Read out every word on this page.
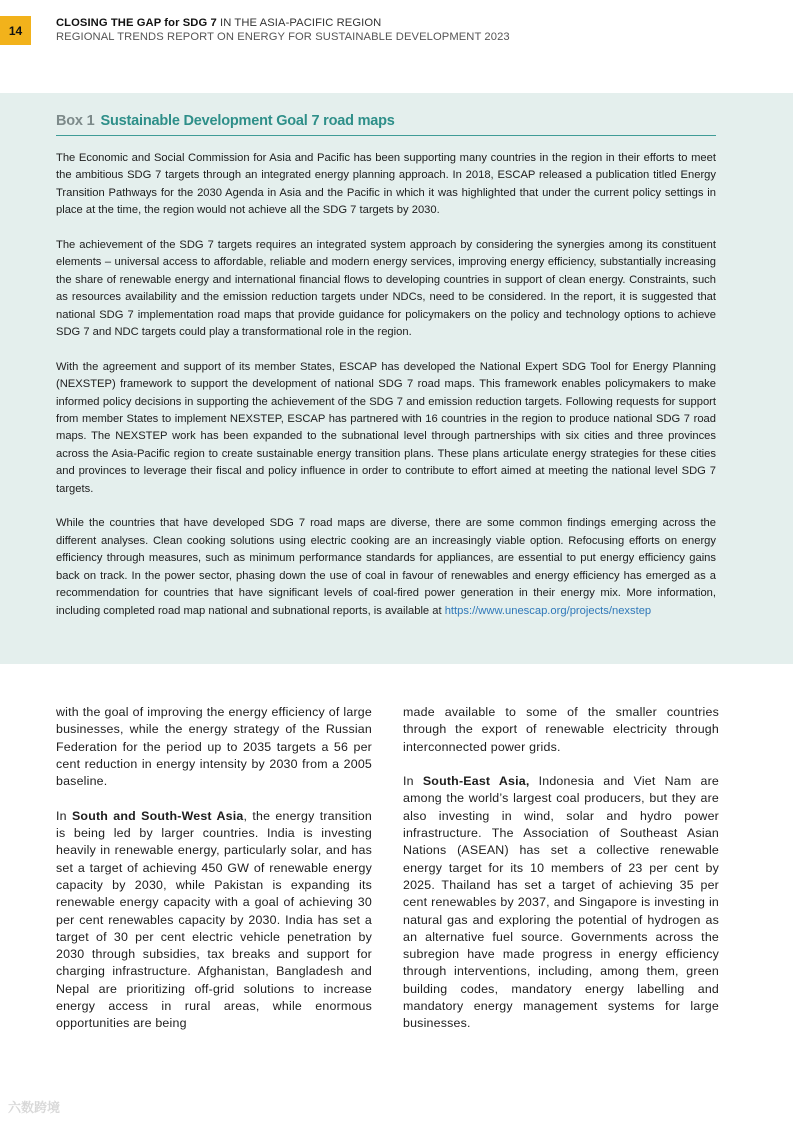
14
CLOSING THE GAP for SDG 7 IN THE ASIA-PACIFIC REGION
REGIONAL TRENDS REPORT ON ENERGY FOR SUSTAINABLE DEVELOPMENT 2023
Box 1 Sustainable Development Goal 7 road maps

The Economic and Social Commission for Asia and Pacific has been supporting many countries in the region in their efforts to meet the ambitious SDG 7 targets through an integrated energy planning approach. In 2018, ESCAP released a publication titled Energy Transition Pathways for the 2030 Agenda in Asia and the Pacific in which it was highlighted that under the current policy settings in place at the time, the region would not achieve all the SDG 7 targets by 2030.

The achievement of the SDG 7 targets requires an integrated system approach by considering the synergies among its constituent elements – universal access to affordable, reliable and modern energy services, improving energy efficiency, substantially increasing the share of renewable energy and international financial flows to developing countries in support of clean energy. Constraints, such as resources availability and the emission reduction targets under NDCs, need to be considered. In the report, it is suggested that national SDG 7 implementation road maps that provide guidance for policymakers on the policy and technology options to achieve SDG 7 and NDC targets could play a transformational role in the region.

With the agreement and support of its member States, ESCAP has developed the National Expert SDG Tool for Energy Planning (NEXSTEP) framework to support the development of national SDG 7 road maps. This framework enables policymakers to make informed policy decisions in supporting the achievement of the SDG 7 and emission reduction targets. Following requests for support from member States to implement NEXSTEP, ESCAP has partnered with 16 countries in the region to produce national SDG 7 road maps. The NEXSTEP work has been expanded to the subnational level through partnerships with six cities and three provinces across the Asia-Pacific region to create sustainable energy transition plans. These plans articulate energy strategies for these cities and provinces to leverage their fiscal and policy influence in order to contribute to effort aimed at meeting the national level SDG 7 targets.

While the countries that have developed SDG 7 road maps are diverse, there are some common findings emerging across the different analyses. Clean cooking solutions using electric cooking are an increasingly viable option. Refocusing efforts on energy efficiency through measures, such as minimum performance standards for appliances, are essential to put energy efficiency gains back on track. In the power sector, phasing down the use of coal in favour of renewables and energy efficiency has emerged as a recommendation for countries that have significant levels of coal-fired power generation in their energy mix. More information, including completed road map national and subnational reports, is available at https://www.unescap.org/projects/nexstep

with the goal of improving the energy efficiency of large businesses, while the energy strategy of the Russian Federation for the period up to 2035 targets a 56 per cent reduction in energy intensity by 2030 from a 2005 baseline.

In South and South-West Asia, the energy transition is being led by larger countries. India is investing heavily in renewable energy, particularly solar, and has set a target of achieving 450 GW of renewable energy capacity by 2030, while Pakistan is expanding its renewable energy capacity with a goal of achieving 30 per cent renewables capacity by 2030. India has set a target of 30 per cent electric vehicle penetration by 2030 through subsidies, tax breaks and support for charging infrastructure. Afghanistan, Bangladesh and Nepal are prioritizing off-grid solutions to increase energy access in rural areas, while enormous opportunities are being

made available to some of the smaller countries through the export of renewable electricity through interconnected power grids.

In South-East Asia, Indonesia and Viet Nam are among the world’s largest coal producers, but they are also investing in wind, solar and hydro power infrastructure. The Association of Southeast Asian Nations (ASEAN) has set a collective renewable energy target for its 10 members of 23 per cent by 2025. Thailand has set a target of achieving 35 per cent renewables by 2037, and Singapore is investing in natural gas and exploring the potential of hydrogen as an alternative fuel source. Governments across the subregion have made progress in energy efficiency through interventions, including, among them, green building codes, mandatory energy labelling and mandatory energy management systems for large businesses.

六数跨境
